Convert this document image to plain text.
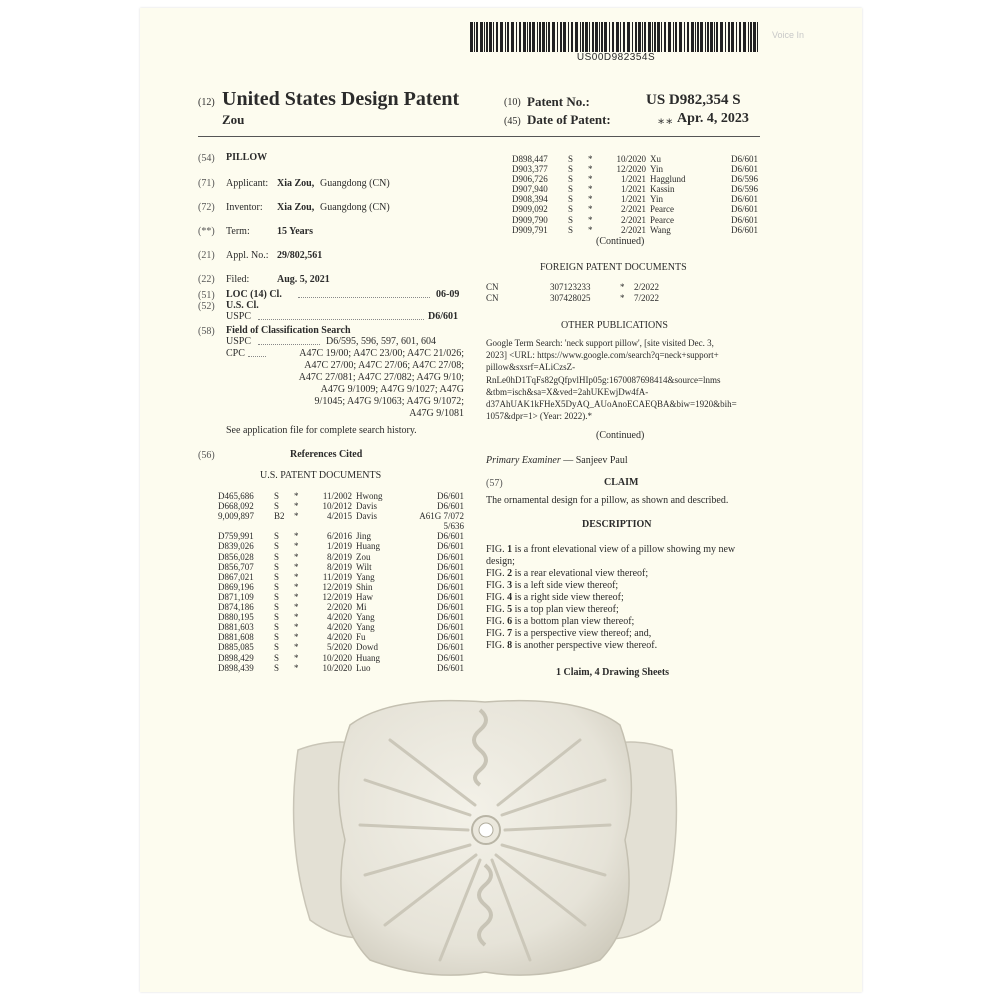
US00D982354S
Voice In
(12) United States Design Patent
Zou
(10) Patent No.:	US D982,354 S
(45) Date of Patent:	∗∗ Apr. 4, 2023
(54) PILLOW
(71) Applicant: Xia Zou, Guangdong (CN)
(72) Inventor: Xia Zou, Guangdong (CN)
(**) Term:	15 Years
(21) Appl. No.: 29/802,561
(22) Filed:	Aug. 5, 2021
(51) LOC (14) Cl.	06-09
(52) U.S. Cl.
USPC	D6/601
(58) Field of Classification Search
USPC	D6/595, 596, 597, 601, 604
CPC	A47C 19/00; A47C 23/00; A47C 21/026;
A47C 27/00; A47C 27/06; A47C 27/08;
A47C 27/081; A47C 27/082; A47G 9/10;
A47G 9/1009; A47G 9/1027; A47G
9/1045; A47G 9/1063; A47G 9/1072;
A47G 9/1081
See application file for complete search history.
(56)	References Cited
U.S. PATENT DOCUMENTS
D465,686	S	*	11/2002 Hwong	D6/601
D668,092	S	*	10/2012 Davis	D6/601
9,009,897	B2	*	4/2015 Davis	A61G 7/072
5/636
D759,991	S	*	6/2016 Jing	D6/601
D839,026	S	*	1/2019 Huang	D6/601
D856,028	S	*	8/2019 Zou	D6/601
D856,707	S	*	8/2019 Wilt	D6/601
D867,021	S	*	11/2019 Yang	D6/601
D869,196	S	*	12/2019 Shin	D6/601
D871,109	S	*	12/2019 Haw	D6/601
D874,186	S	*	2/2020 Mi	D6/601
D880,195	S	*	4/2020 Yang	D6/601
D881,603	S	*	4/2020 Yang	D6/601
D881,608	S	*	4/2020 Fu	D6/601
D885,085	S	*	5/2020 Dowd	D6/601
D898,429	S	*	10/2020 Huang	D6/601
D898,439	S	*	10/2020 Luo	D6/601
D898,447	S	*	10/2020 Xu	D6/601
D903,377	S	*	12/2020 Yin	D6/601
D906,726	S	*	1/2021 Hagglund	D6/596
D907,940	S	*	1/2021 Kassin	D6/596
D908,394	S	*	1/2021 Yin	D6/601
D909,092	S	*	2/2021 Pearce	D6/601
D909,790	S	*	2/2021 Pearce	D6/601
D909,791	S	*	2/2021 Wang	D6/601
(Continued)
FOREIGN PATENT DOCUMENTS
CN	307123233	*	2/2022
CN	307428025	*	7/2022
OTHER PUBLICATIONS
Google Term Search: 'neck support pillow', [site visited Dec. 3,
2023] <URL: https://www.google.com/search?q=neck+support+
pillow&sxsrf=ALiCzsZ-
RnLe0hD1TqFs82gQfpvlHIp05g:1670087698414&source=lnms
&tbm=isch&sa=X&ved=2ahUKEwjDw4fA-
d37AhUAK1kFHeX5DyAQ_AUoAnoECAEQBA&biw=1920&bih=
1057&dpr=1> (Year: 2022).*
(Continued)
Primary Examiner — Sanjeev Paul
(57)	CLAIM
The ornamental design for a pillow, as shown and described.
DESCRIPTION
FIG. 1 is a front elevational view of a pillow showing my new design;
FIG. 2 is a rear elevational view thereof;
FIG. 3 is a left side view thereof;
FIG. 4 is a right side view thereof;
FIG. 5 is a top plan view thereof;
FIG. 6 is a bottom plan view thereof;
FIG. 7 is a perspective view thereof; and,
FIG. 8 is another perspective view thereof.
1 Claim, 4 Drawing Sheets
